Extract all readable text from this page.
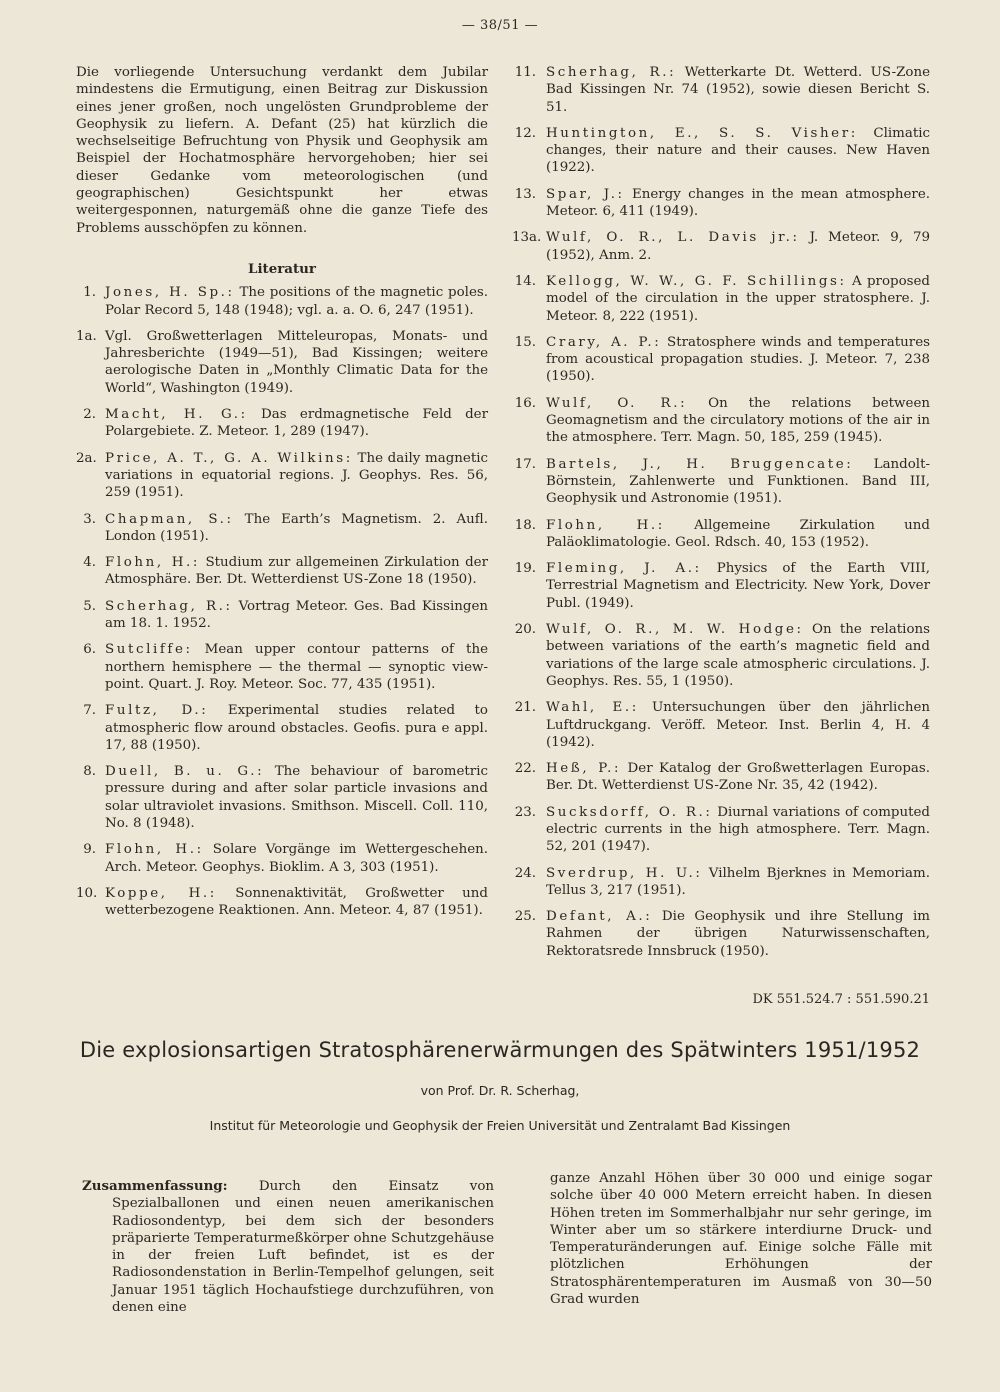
— 38/51 —

Die vorliegende Untersuchung verdankt dem Jubilar mindestens die Ermutigung, einen Beitrag zur Diskussion eines jener großen, noch ungelösten Grundprobleme der Geophysik zu liefern. A. Defant (25) hat kürzlich die wechselseitige Befruchtung von Physik und Geophysik am Beispiel der Hochatmosphäre hervorgehoben; hier sei dieser Gedanke vom meteorologischen (und geographischen) Gesichtspunkt her etwas weitergesponnen, naturgemäß ohne die ganze Tiefe des Problems ausschöpfen zu können.

Literatur
1. Jones, H. Sp.: The positions of the magnetic poles. Polar Record 5, 148 (1948); vgl. a. a. O. 6, 247 (1951).
1a. Vgl. Großwetterlagen Mitteleuropas, Monats- und Jahresberichte (1949—51), Bad Kissingen; weitere aerologische Daten in „Monthly Climatic Data for the World“, Washington (1949).
2. Macht, H. G.: Das erdmagnetische Feld der Polargebiete. Z. Meteor. 1, 289 (1947).
2a. Price, A. T., G. A. Wilkins: The daily magnetic variations in equatorial regions. J. Geophys. Res. 56, 259 (1951).
3. Chapman, S.: The Earth’s Magnetism. 2. Aufl. London (1951).
4. Flohn, H.: Studium zur allgemeinen Zirkulation der Atmosphäre. Ber. Dt. Wetterdienst US-Zone 18 (1950).
5. Scherhag, R.: Vortrag Meteor. Ges. Bad Kissingen am 18. 1. 1952.
6. Sutcliffe: Mean upper contour patterns of the northern hemisphere — the thermal — synoptic view-point. Quart. J. Roy. Meteor. Soc. 77, 435 (1951).
7. Fultz, D.: Experimental studies related to atmospheric flow around obstacles. Geofis. pura e appl. 17, 88 (1950).
8. Duell, B. u. G.: The behaviour of barometric pressure during and after solar particle invasions and solar ultraviolet invasions. Smithson. Miscell. Coll. 110, No. 8 (1948).
9. Flohn, H.: Solare Vorgänge im Wettergeschehen. Arch. Meteor. Geophys. Bioklim. A 3, 303 (1951).
10. Koppe, H.: Sonnenaktivität, Großwetter und wetterbezogene Reaktionen. Ann. Meteor. 4, 87 (1951).
11. Scherhag, R.: Wetterkarte Dt. Wetterd. US-Zone Bad Kissingen Nr. 74 (1952), sowie diesen Bericht S. 51.
12. Huntington, E., S. S. Visher: Climatic changes, their nature and their causes. New Haven (1922).
13. Spar, J.: Energy changes in the mean atmosphere. Meteor. 6, 411 (1949).
13a. Wulf, O. R., L. Davis jr.: J. Meteor. 9, 79 (1952), Anm. 2.
14. Kellogg, W. W., G. F. Schillings: A proposed model of the circulation in the upper stratosphere. J. Meteor. 8, 222 (1951).
15. Crary, A. P.: Stratosphere winds and temperatures from acoustical propagation studies. J. Meteor. 7, 238 (1950).
16. Wulf, O. R.: On the relations between Geomagnetism and the circulatory motions of the air in the atmosphere. Terr. Magn. 50, 185, 259 (1945).
17. Bartels, J., H. Bruggencate: Landolt-Börnstein, Zahlenwerte und Funktionen. Band III, Geophysik und Astronomie (1951).
18. Flohn, H.: Allgemeine Zirkulation und Paläoklimatologie. Geol. Rdsch. 40, 153 (1952).
19. Fleming, J. A.: Physics of the Earth VIII, Terrestrial Magnetism and Electricity. New York, Dover Publ. (1949).
20. Wulf, O. R., M. W. Hodge: On the relations between variations of the earth’s magnetic field and variations of the large scale atmospheric circulations. J. Geophys. Res. 55, 1 (1950).
21. Wahl, E.: Untersuchungen über den jährlichen Luftdruckgang. Veröff. Meteor. Inst. Berlin 4, H. 4 (1942).
22. Heß, P.: Der Katalog der Großwetterlagen Europas. Ber. Dt. Wetterdienst US-Zone Nr. 35, 42 (1942).
23. Sucksdorff, O. R.: Diurnal variations of computed electric currents in the high atmosphere. Terr. Magn. 52, 201 (1947).
24. Sverdrup, H. U.: Vilhelm Bjerknes in Memoriam. Tellus 3, 217 (1951).
25. Defant, A.: Die Geophysik und ihre Stellung im Rahmen der übrigen Naturwissenschaften, Rektoratsrede Innsbruck (1950).
DK 551.524.7 : 551.590.21
Die explosionsartigen Stratosphärenerwärmungen des Spätwinters 1951/1952
von Prof. Dr. R. Scherhag,
Institut für Meteorologie und Geophysik der Freien Universität und Zentralamt Bad Kissingen
Zusammenfassung: Durch den Einsatz von Spezialballonen und einen neuen amerikanischen Radiosondentyp, bei dem sich der besonders präparierte Temperaturmeßkörper ohne Schutzgehäuse in der freien Luft befindet, ist es der Radiosondenstation in Berlin-Tempelhof gelungen, seit Januar 1951 täglich Hochaufstiege durchzuführen, von denen eine
ganze Anzahl Höhen über 30 000 und einige sogar solche über 40 000 Metern erreicht haben. In diesen Höhen treten im Sommerhalbjahr nur sehr geringe, im Winter aber um so stärkere interdiurne Druck- und Temperaturänderungen auf. Einige solche Fälle mit plötzlichen Erhöhungen der Stratosphärentemperaturen im Ausmaß von 30—50 Grad wurden
